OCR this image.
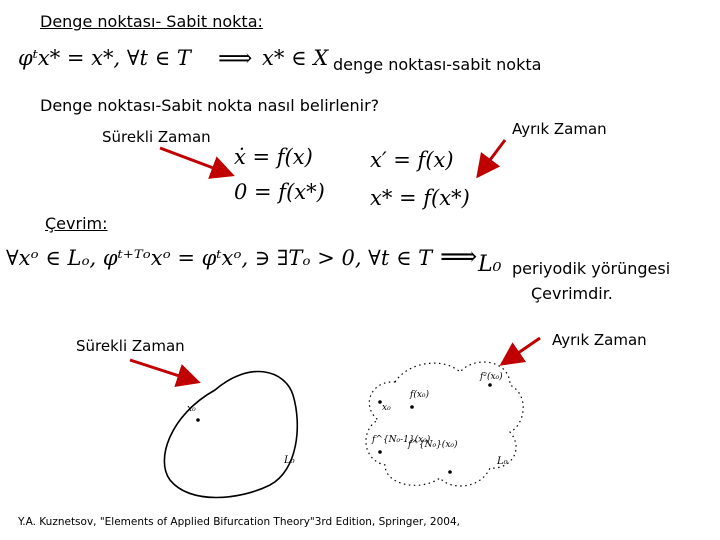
Denge noktası- Sabit nokta:
φᵗx* = x*, ∀t ∈ T ⟹ x* ∈ X denge noktası-sabit nokta
Denge noktası-Sabit nokta nasıl belirlenir?
Sürekli Zaman	Ayrık Zaman
ẋ = f(x)
0 = f(x*)
x′ = f(x)
x* = f(x*)
Çevrim:
∀xᵒ ∈ Lₒ, φᵗ⁺ᵀᵒxᵒ = φᵗxᵒ, ∋ ∃Tₒ > 0, ∀t ∈ T ⟹ L₀ periyodik yörüngesi
Çevrimdir.
Sürekli Zaman	Ayrık Zaman
x₀
L₀
f²(x₀)
x₀
f(x₀)
f^{N₀-1}(x₀)
f^{N₀}(x₀)
L₀
Y.A. Kuznetsov, "Elements of Applied Bifurcation Theory"3rd Edition, Springer, 2004,
